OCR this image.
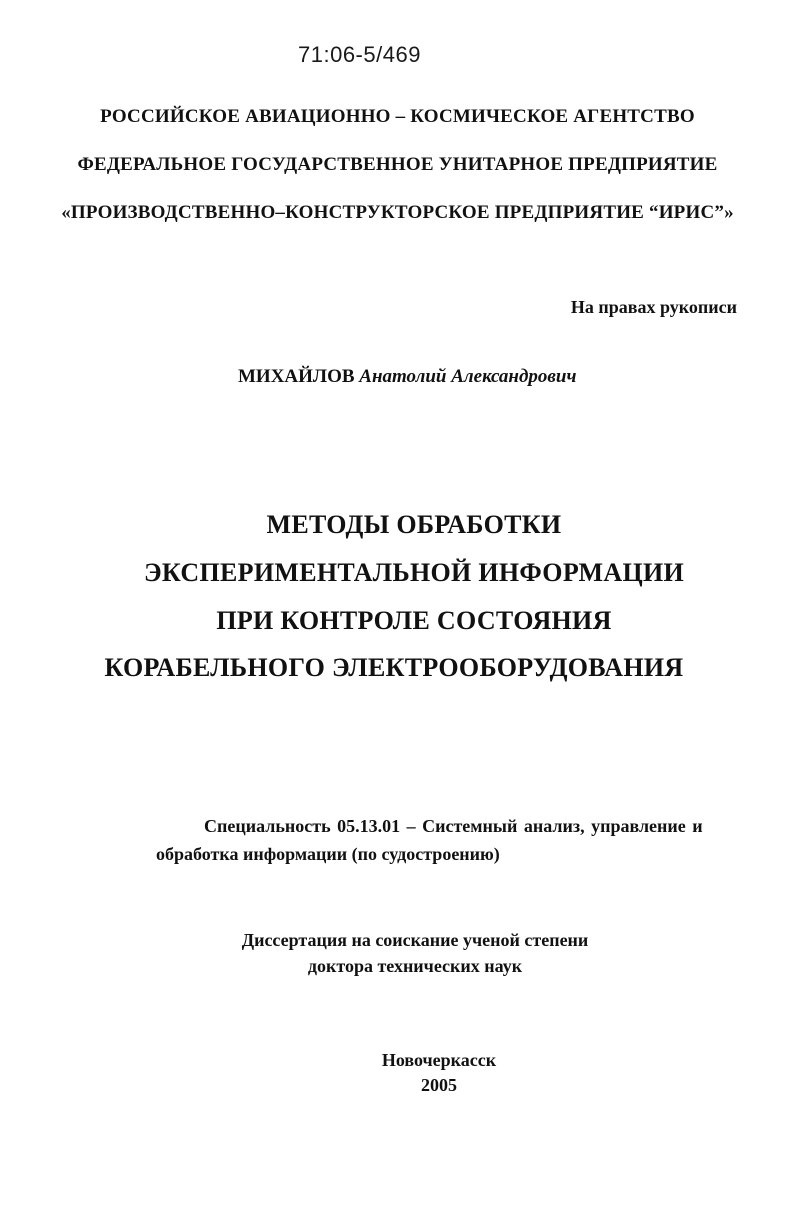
71:06-5/469
РОССИЙСКОЕ АВИАЦИОННО – КОСМИЧЕСКОЕ АГЕНТСТВО
ФЕДЕРАЛЬНОЕ ГОСУДАРСТВЕННОЕ УНИТАРНОЕ ПРЕДПРИЯТИЕ
«ПРОИЗВОДСТВЕННО–КОНСТРУКТОРСКОЕ ПРЕДПРИЯТИЕ “ИРИС”»
На правах рукописи
МИХАЙЛОВ Анатолий Александрович
МЕТОДЫ ОБРАБОТКИ
ЭКСПЕРИМЕНТАЛЬНОЙ ИНФОРМАЦИИ
ПРИ КОНТРОЛЕ СОСТОЯНИЯ
КОРАБЕЛЬНОГО ЭЛЕКТРООБОРУДОВАНИЯ
Специальность 05.13.01 – Системный анализ, управление и
обработка информации (по судостроению)
Диссертация на соискание ученой степени
доктора технических наук
Новочеркасск
2005
